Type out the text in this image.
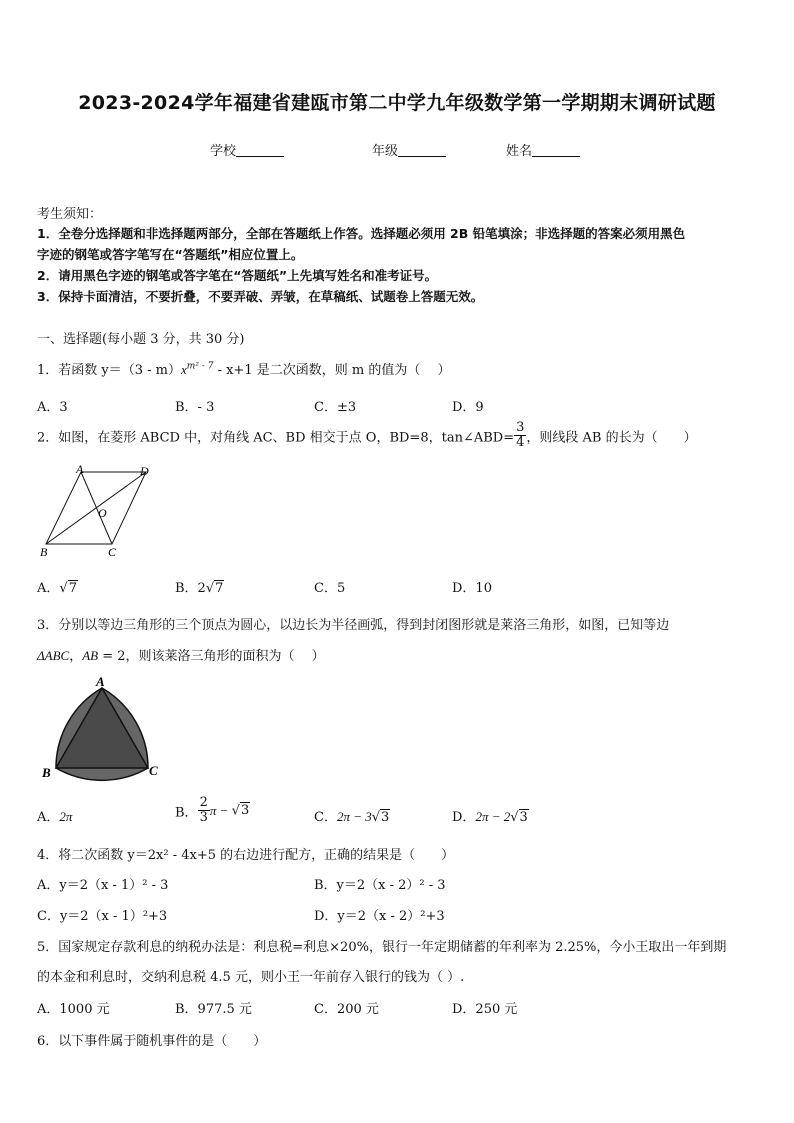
2023-2024学年福建省建瓯市第二中学九年级数学第一学期期末调研试题
学校	年级	姓名
考生须知：
1．全卷分选择题和非选择题两部分，全部在答题纸上作答。选择题必须用 2B 铅笔填涂；非选择题的答案必须用黑色
字迹的钢笔或答字笔写在“答题纸”相应位置上。
2．请用黑色字迹的钢笔或答字笔在“答题纸”上先填写姓名和准考证号。
3．保持卡面清洁，不要折叠，不要弄破、弄皱，在草稿纸、试题卷上答题无效。
一、选择题(每小题 3 分，共 30 分)
1．若函数 $y=(3 - m)x^{m^2 - 7} - x+1$ 是二次函数，则 m 的值为（　 ）
A．3	B．- 3	C．±3	D．9
2．如图，在菱形 ABCD 中，对角线 AC、BD 相交于点 O，BD=8，tan∠ABD= $\frac{3}{4}$ ，则线段 AB 的长为（　　）
A	D
O
B	C
A．√7	B．2√7	C．5	D．10
3．分别以等边三角形的三个顶点为圆心，以边长为半径画弧，得到封闭图形就是莱洛三角形，如图，已知等边
ΔABC，AB = 2，则该莱洛三角形的面积为（　 ）
A
B	C
A．2π	B． $\frac{2}{3}$ π − √3	C．2π − 3√3	D．2π − 2√3
4．将二次函数 y＝2x² - 4x+5 的右边进行配方，正确的结果是（　　）
A．y＝2（x - 1）² - 3	B．y＝2（x - 2）² - 3
C．y＝2（x - 1）²+3	D．y＝2（x - 2）²+3
5．国家规定存款利息的纳税办法是：利息税=利息×20%，银行一年定期储蓄的年利率为 2.25%，今小王取出一年到期
的本金和利息时，交纳利息税 4.5 元，则小王一年前存入银行的钱为（ ）.
A．1000 元	B．977.5 元	C．200 元	D．250 元
6．以下事件属于随机事件的是（　　）
